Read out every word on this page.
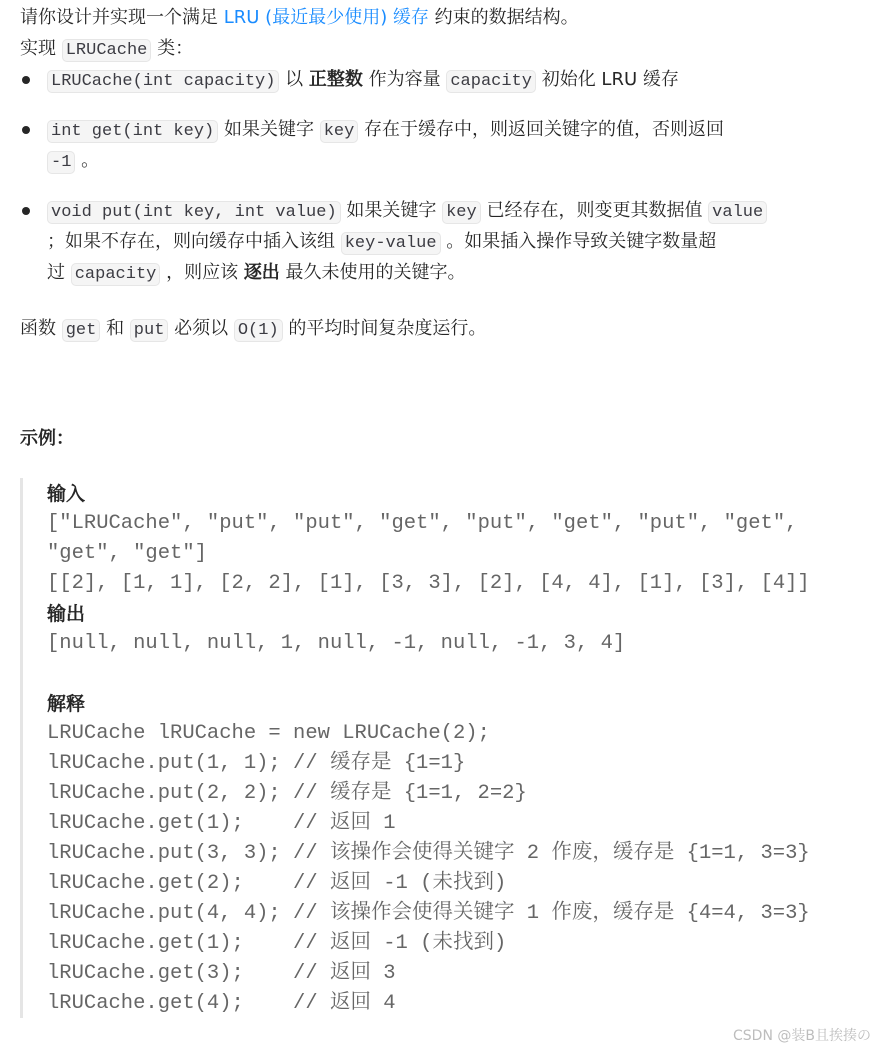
请你设计并实现一个满足 LRU (最近最少使用) 缓存 约束的数据结构。
实现 LRUCache 类：
LRUCache(int capacity) 以 正整数 作为容量 capacity 初始化 LRU 缓存
int get(int key) 如果关键字 key 存在于缓存中，则返回关键字的值，否则返回
-1 。
void put(int key, int value) 如果关键字 key 已经存在，则变更其数据值 value
；如果不存在，则向缓存中插入该组 key-value 。如果插入操作导致关键字数量超
过 capacity ，则应该 逐出 最久未使用的关键字。
函数 get 和 put 必须以 O(1) 的平均时间复杂度运行。
示例：
输入
["LRUCache", "put", "put", "get", "put", "get", "put", "get",
"get", "get"]
[[2], [1, 1], [2, 2], [1], [3, 3], [2], [4, 4], [1], [3], [4]]
输出
[null, null, null, 1, null, -1, null, -1, 3, 4]
解释
LRUCache lRUCache = new LRUCache(2);
lRUCache.put(1, 1); // 缓存是 {1=1}
lRUCache.put(2, 2); // 缓存是 {1=1, 2=2}
lRUCache.get(1);    // 返回 1
lRUCache.put(3, 3); // 该操作会使得关键字 2 作废，缓存是 {1=1, 3=3}
lRUCache.get(2);    // 返回 -1 (未找到)
lRUCache.put(4, 4); // 该操作会使得关键字 1 作废，缓存是 {4=4, 3=3}
lRUCache.get(1);    // 返回 -1 (未找到)
lRUCache.get(3);    // 返回 3
lRUCache.get(4);    // 返回 4
CSDN @装B且挨揍の
